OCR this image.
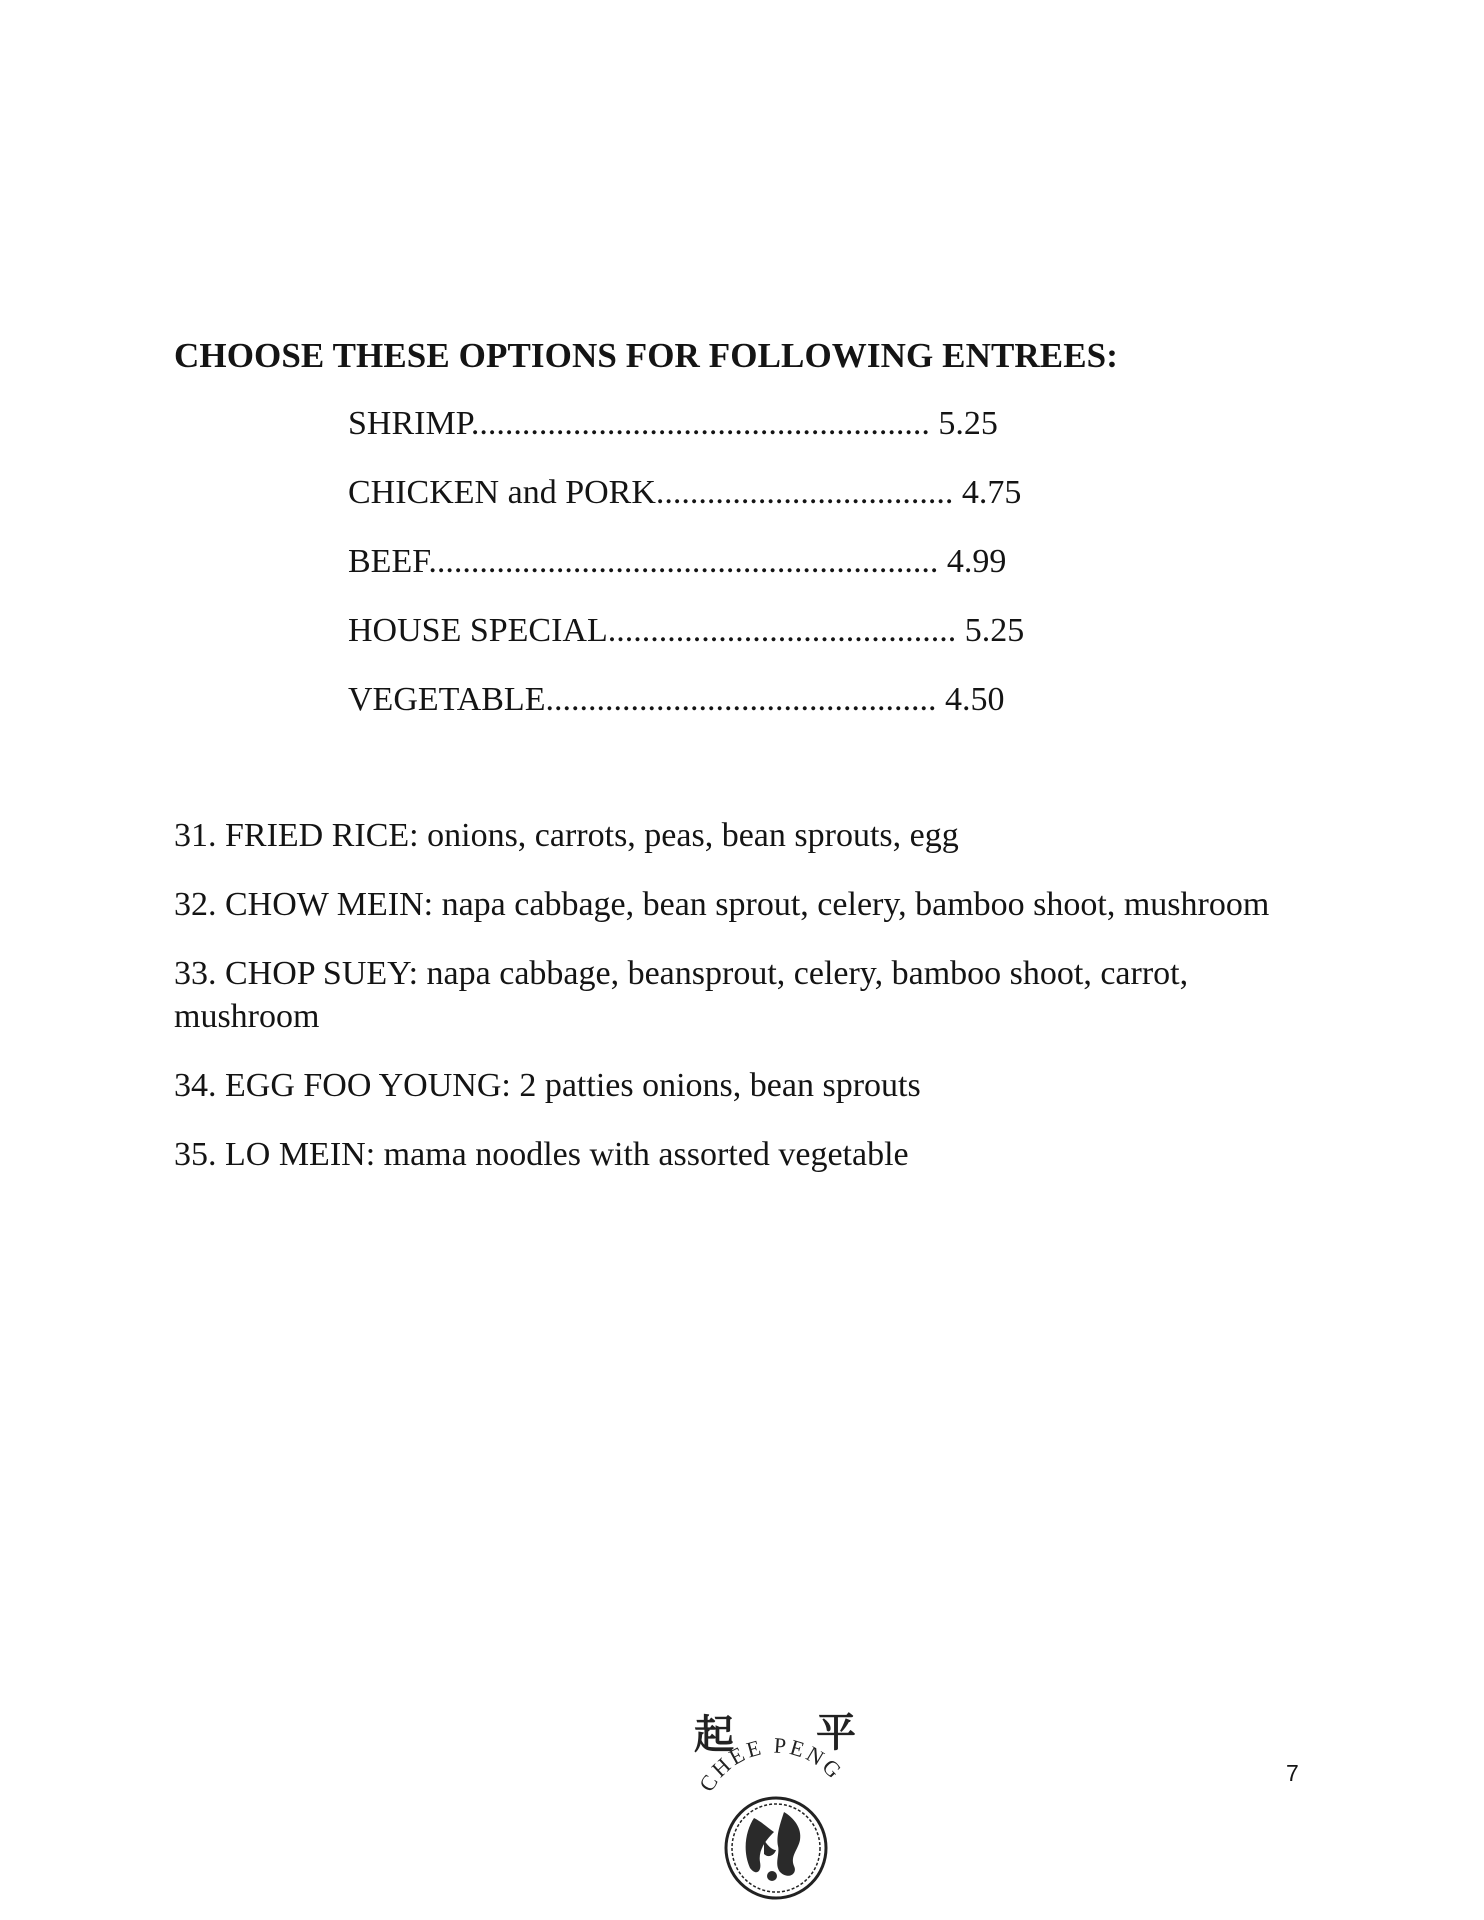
CHOOSE THESE OPTIONS FOR FOLLOWING ENTREES:
SHRIMP...................................................... 5.25
CHICKEN and PORK................................... 4.75
BEEF............................................................ 4.99
HOUSE SPECIAL......................................... 5.25
VEGETABLE.............................................. 4.50
31. FRIED RICE: onions, carrots, peas, bean sprouts, egg
32. CHOW MEIN: napa cabbage, bean sprout, celery, bamboo shoot, mushroom
33. CHOP SUEY: napa cabbage, beansprout, celery, bamboo shoot, carrot, mushroom
34. EGG FOO YOUNG: 2 patties onions, bean sprouts
35. LO MEIN: mama noodles with assorted vegetable
起 平
CHEE PENG	7
